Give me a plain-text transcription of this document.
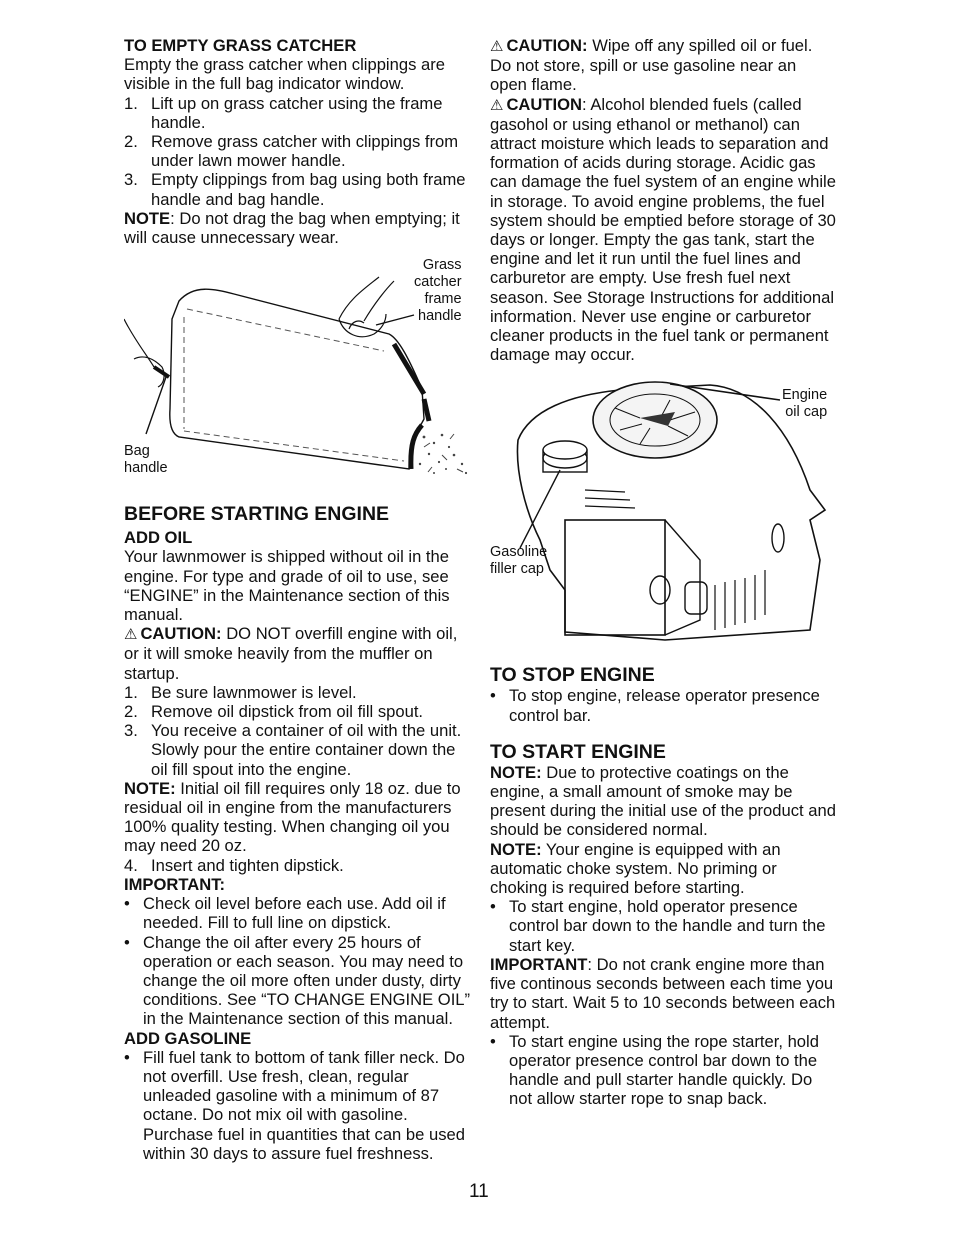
TO EMPTY GRASS CATCHER

Empty the grass catcher when clippings are visible in the full bag indicator window.

1. Lift up on grass catcher using the frame handle.
2. Remove grass catcher with clippings from under lawn mower handle.
3. Empty clippings from bag using both frame handle and bag handle.

NOTE: Do not drag the bag when emptying; it will cause unnecessary wear.

Grass
catcher
frame
handle
Bag
handle

BEFORE STARTING ENGINE

ADD OIL

Your lawnmower is shipped without oil in the engine. For type and grade of oil to use, see “ENGINE” in the Maintenance section of this manual.

⚠ CAUTION: DO NOT overfill engine with oil, or it will smoke heavily from the muffler on startup.

1. Be sure lawnmower is level.
2. Remove oil dipstick from oil fill spout.
3. You receive a container of oil with the unit. Slowly pour the entire container down the oil fill spout into the engine.

NOTE: Initial oil fill requires only 18 oz. due to residual oil in engine from the manufacturers 100% quality testing. When changing oil you may need 20 oz.

4. Insert and tighten dipstick.

IMPORTANT:

• Check oil level before each use. Add oil if needed. Fill to full line on dipstick.
• Change the oil after every 25 hours of operation or each season. You may need to change the oil more often under dusty, dirty conditions. See “TO CHANGE ENGINE OIL” in the Maintenance section of this manual.

ADD GASOLINE

• Fill fuel tank to bottom of tank filler neck. Do not overfill. Use fresh, clean, regular unleaded gasoline with a minimum of 87 octane. Do not mix oil with gasoline. Purchase fuel in quantities that can be used within 30 days to assure fuel freshness.

⚠ CAUTION: Wipe off any spilled oil or fuel. Do not store, spill or use gasoline near an open flame.

⚠ CAUTION: Alcohol blended fuels (called gasohol or using ethanol or methanol) can attract moisture which leads to separation and formation of acids during storage. Acidic gas can damage the fuel system of an engine while in storage. To avoid engine problems, the fuel system should be emptied before storage of 30 days or longer. Empty the gas tank, start the engine and let it run until the fuel lines and carburetor are empty. Use fresh fuel next season. See Storage Instructions for additional information. Never use engine or carburetor cleaner products in the fuel tank or permanent damage may occur.

Engine
oil cap
Gasoline
filler cap

TO STOP ENGINE

• To stop engine, release operator presence control bar.

TO START ENGINE

NOTE: Due to protective coatings on the engine, a small amount of smoke may be present during the initial use of the product and should be considered normal.

NOTE: Your engine is equipped with an automatic choke system. No priming or choking is required before starting.

• To start engine, hold operator presence control bar down to the handle and turn the start key.

IMPORTANT: Do not crank engine more than five continous seconds between each time you try to start. Wait 5 to 10 seconds between each attempt.

• To start engine using the rope starter, hold operator presence control bar down to the handle and pull starter handle quickly. Do not allow starter rope to snap back.
11
